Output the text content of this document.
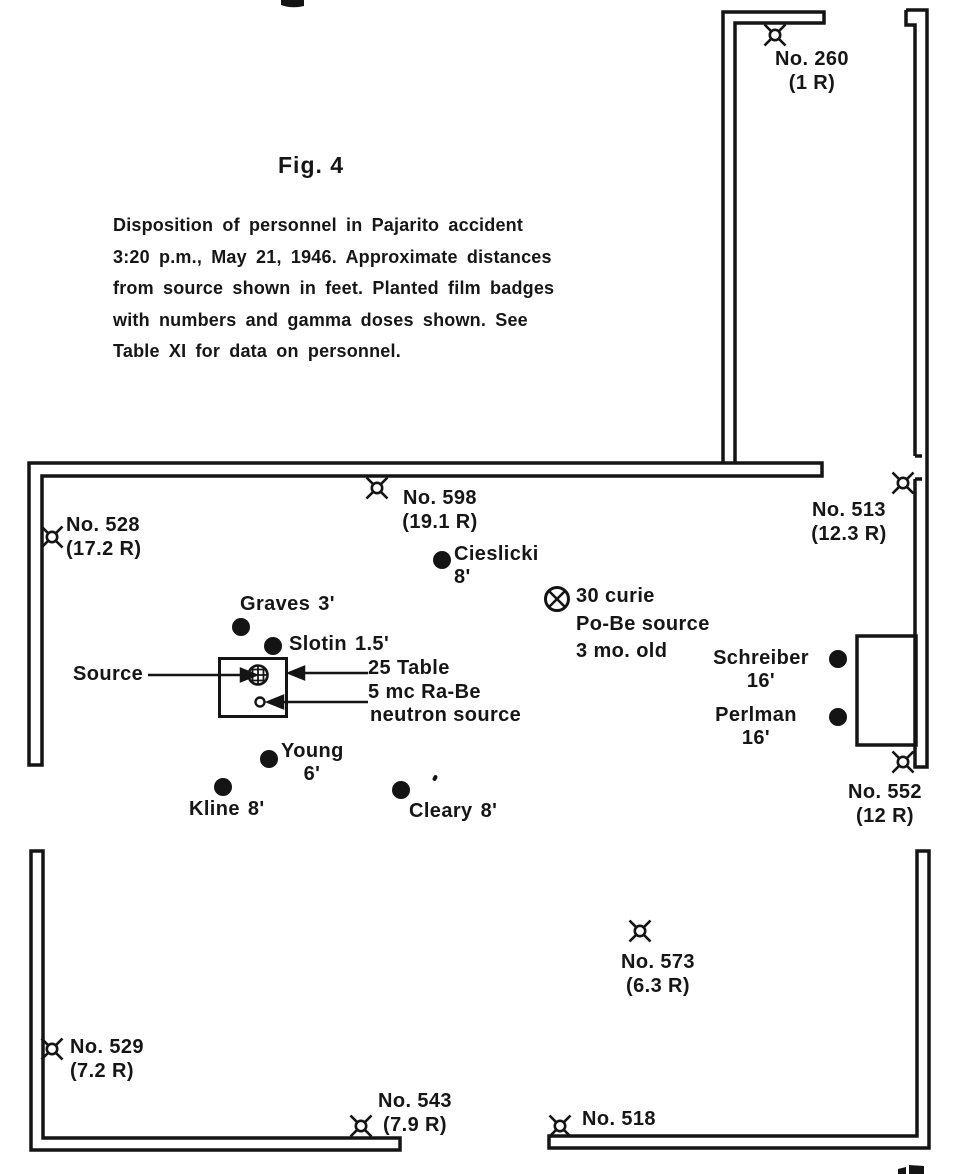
Fig. 4
Disposition of personnel in Pajarito accident
3:20 p.m., May 21, 1946. Approximate distances
from source shown in feet. Planted film badges
with numbers and gamma doses shown. See
Table XI for data on personnel.
No. 260
(1 R)
No. 528
(17.2 R)
No. 598
(19.1 R)
No. 513
(12.3 R)
No. 552
(12 R)
No. 573
(6.3 R)
No. 529
(7.2 R)
No. 543
(7.9 R)	No. 518
Cieslicki
8'
Graves 3'
Slotin 1.5'
Young
6'
Kline 8'	Cleary 8'
Schreiber
16'
Perlman
16'
Source	25 Table
5 mc Ra-Be
neutron source
30 curie
Po-Be source
3 mo. old
